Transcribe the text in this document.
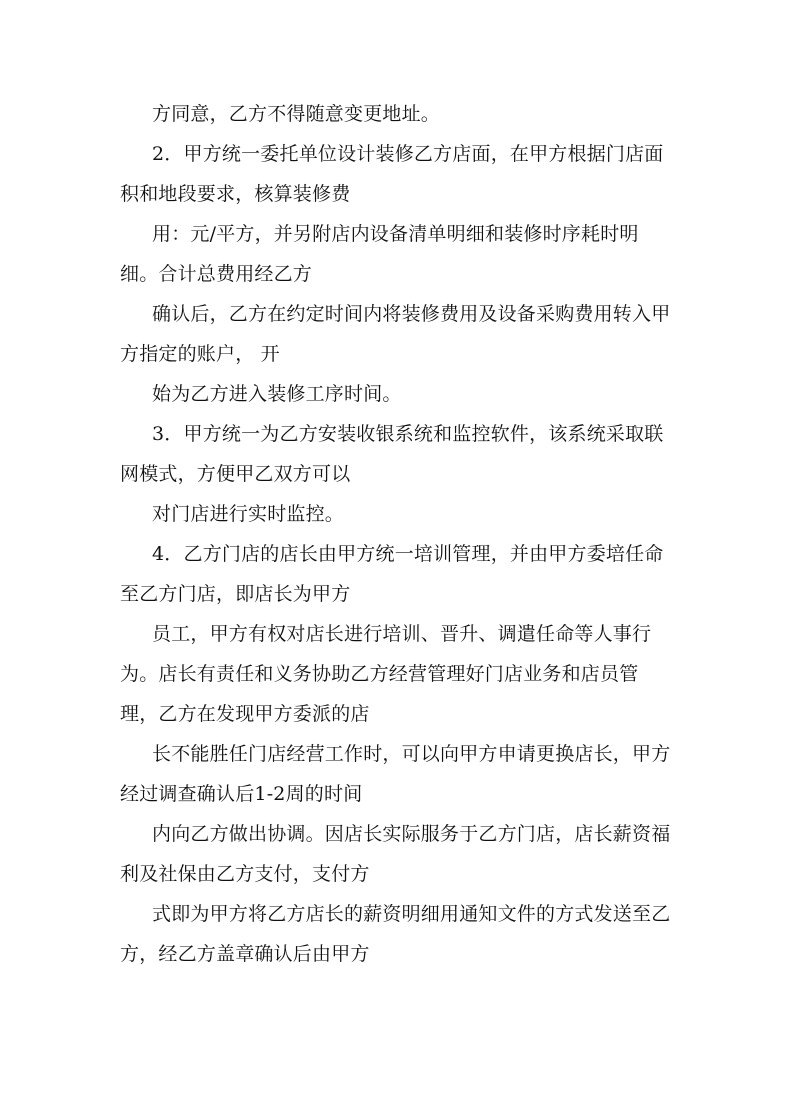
方同意，乙方不得随意变更地址。

2．甲方统一委托单位设计装修乙方店面，在甲方根据门店面积和地段要求，核算装修费

用：元/平方，并另附店内设备清单明细和装修时序耗时明细。合计总费用经乙方

确认后，乙方在约定时间内将装修费用及设备采购费用转入甲方指定的账户， 开

始为乙方进入装修工序时间。

3．甲方统一为乙方安装收银系统和监控软件，该系统采取联网模式，方便甲乙双方可以

对门店进行实时监控。

4．乙方门店的店长由甲方统一培训管理，并由甲方委培任命至乙方门店，即店长为甲方

员工，甲方有权对店长进行培训、晋升、调遣任命等人事行为。店长有责任和义务协助乙方经营管理好门店业务和店员管理，乙方在发现甲方委派的店

长不能胜任门店经营工作时，可以向甲方申请更换店长，甲方经过调查确认后1-2周的时间

内向乙方做出协调。因店长实际服务于乙方门店，店长薪资福利及社保由乙方支付，支付方

式即为甲方将乙方店长的薪资明细用通知文件的方式发送至乙方，经乙方盖章确认后由甲方
